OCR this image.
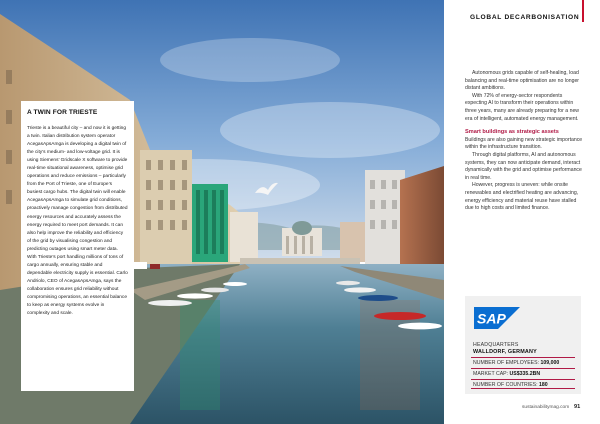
A TWIN FOR TRIESTE

Trieste is a beautiful city – and now it is getting a twin. Italian distribution system operator AcegasApsAmga is developing a digital twin of the city’s medium- and low-voltage grid. It is using Siemens’ Gridscale X software to provide real-time situational awareness, optimise grid operations and reduce emissions – particularly from the Port of Trieste, one of Europe’s busiest cargo hubs. The digital twin will enable AcegasApsAmga to simulate grid conditions, proactively manage congestion from distributed energy resources and accurately assess the energy required to meet port demands. It can also help improve the reliability and efficiency of the grid by visualising congestion and predicting outages using smart meter data. With Trieste’s port handling millions of tons of cargo annually, ensuring stable and dependable electricity supply is essential. Carlo Andriolo, CEO of AcegasApsAmga, says the collaboration ensures grid reliability without compromising operations, an essential balance to keep as energy systems evolve in complexity and scale.

GLOBAL DECARBONISATION

Autonomous grids capable of self-healing, load balancing and real-time optimisation are no longer distant ambitions.

With 72% of energy-sector respondents expecting AI to transform their operations within three years, many are already preparing for a new era of intelligent, automated energy management.

Smart buildings as strategic assets

Buildings are also gaining new strategic importance within the infrastructure transition.

Through digital platforms, AI and autonomous systems, they can now anticipate demand, interact dynamically with the grid and optimise performance in real time.

However, progress is uneven: while onsite renewables and electrified heating are advancing, energy efficiency and material reuse have stalled due to high costs and limited finance.

SAP
HEADQUARTERS
WALLDORF, GERMANY
NUMBER OF EMPLOYEES: 109,000
MARKET CAP: US$335.2BN
NUMBER OF COUNTRIES: 180
sustainabilitymag.com 91
